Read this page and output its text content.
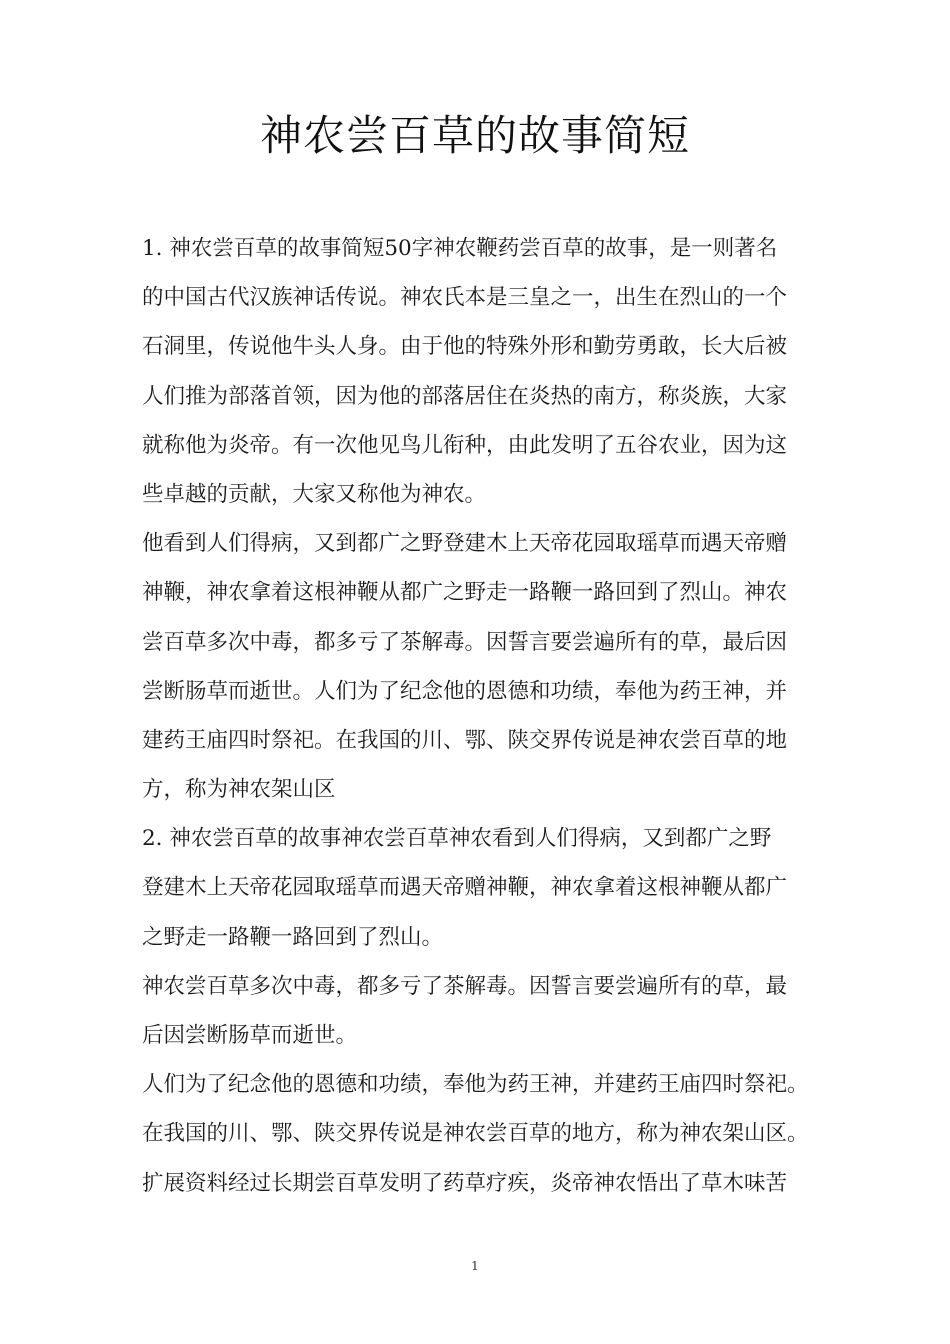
神农尝百草的故事简短
1. 神农尝百草的故事简短50字神农鞭药尝百草的故事，是一则著名
的中国古代汉族神话传说。神农氏本是三皇之一，出生在烈山的一个
石洞里，传说他牛头人身。由于他的特殊外形和勤劳勇敢，长大后被
人们推为部落首领，因为他的部落居住在炎热的南方，称炎族，大家
就称他为炎帝。有一次他见鸟儿衔种，由此发明了五谷农业，因为这
些卓越的贡献，大家又称他为神农。
他看到人们得病，又到都广之野登建木上天帝花园取瑶草而遇天帝赠
神鞭，神农拿着这根神鞭从都广之野走一路鞭一路回到了烈山。神农
尝百草多次中毒，都多亏了茶解毒。因誓言要尝遍所有的草，最后因
尝断肠草而逝世。人们为了纪念他的恩德和功绩，奉他为药王神，并
建药王庙四时祭祀。在我国的川、鄂、陕交界传说是神农尝百草的地
方，称为神农架山区
2. 神农尝百草的故事神农尝百草神农看到人们得病，又到都广之野
登建木上天帝花园取瑶草而遇天帝赠神鞭，神农拿着这根神鞭从都广
之野走一路鞭一路回到了烈山。
神农尝百草多次中毒，都多亏了茶解毒。因誓言要尝遍所有的草，最
后因尝断肠草而逝世。
人们为了纪念他的恩德和功绩，奉他为药王神，并建药王庙四时祭祀。
在我国的川、鄂、陕交界传说是神农尝百草的地方，称为神农架山区。
扩展资料经过长期尝百草发明了药草疗疾，炎帝神农悟出了草木味苦
1
